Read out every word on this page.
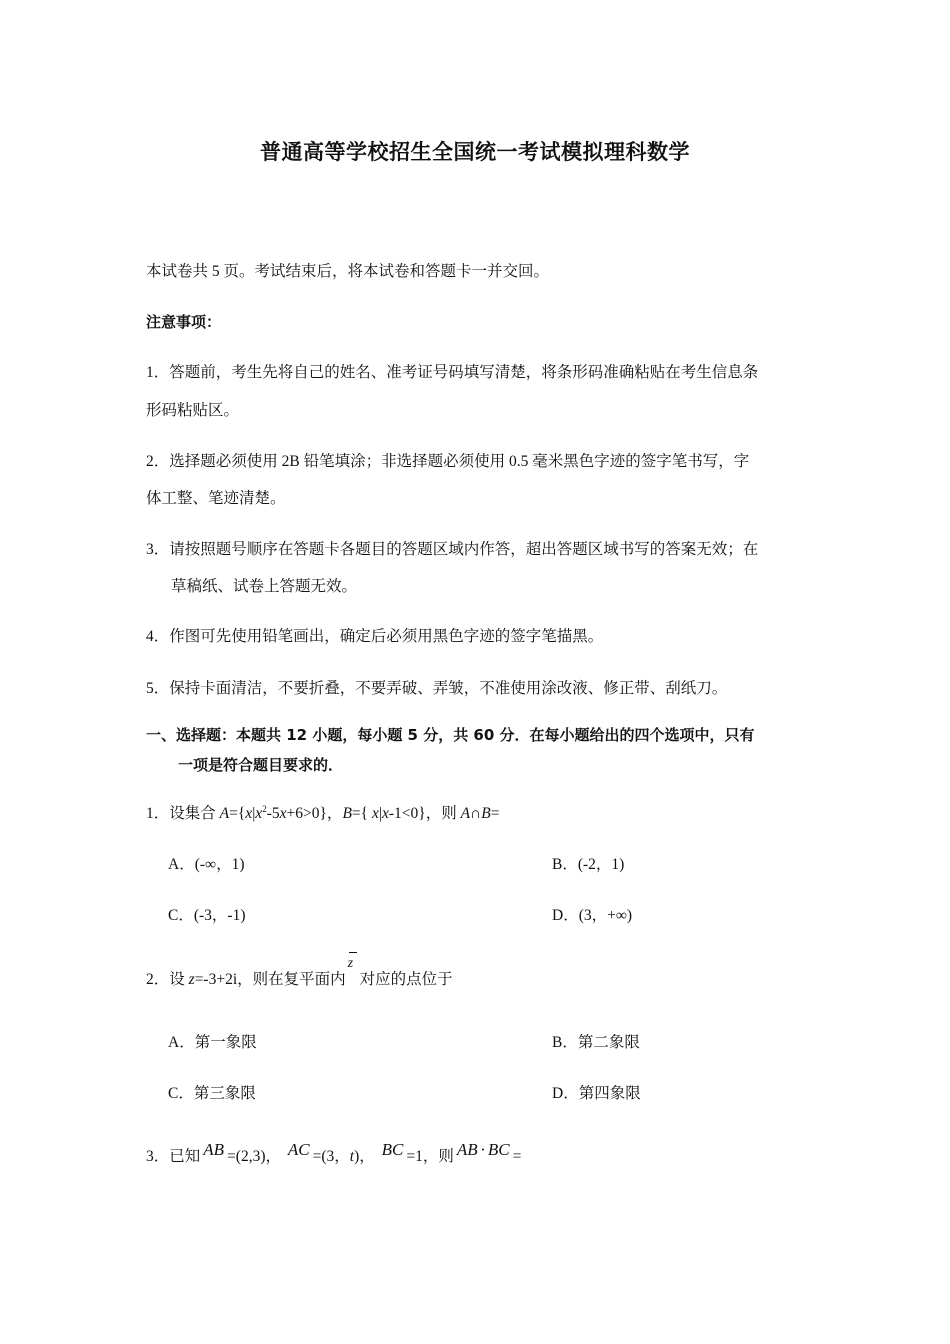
普通高等学校招生全国统一考试模拟理科数学
本试卷共 5 页。考试结束后，将本试卷和答题卡一并交回。
注意事项：
1．答题前，考生先将自己的姓名、准考证号码填写清楚，将条形码准确粘贴在考生信息条
形码粘贴区。
2．选择题必须使用 2B 铅笔填涂；非选择题必须使用 0.5 毫米黑色字迹的签字笔书写，字
体工整、笔迹清楚。
3．请按照题号顺序在答题卡各题目的答题区域内作答，超出答题区域书写的答案无效；在
草稿纸、试卷上答题无效。
4．作图可先使用铅笔画出，确定后必须用黑色字迹的签字笔描黑。
5．保持卡面清洁，不要折叠，不要弄破、弄皱，不准使用涂改液、修正带、刮纸刀。
一、选择题：本题共 12 小题，每小题 5 分，共 60 分．在每小题给出的四个选项中，只有
一项是符合题目要求的．
1．设集合 $A=\{x|x^2-5x+6>0\}$，B={ x|x-1<0}，则 A∩B=
A．(-∞，1)	B．(-2，1)
C．(-3，-1)	D．(3，+∞)
2．设 z=-3+2i，则在复平面内
z
对应的点位于
A．第一象限	B．第二象限
C．第三象限	D．第四象限
3．已知 AB =(2,3)， AC =(3，t)， BC =1，则 AB · BC =
